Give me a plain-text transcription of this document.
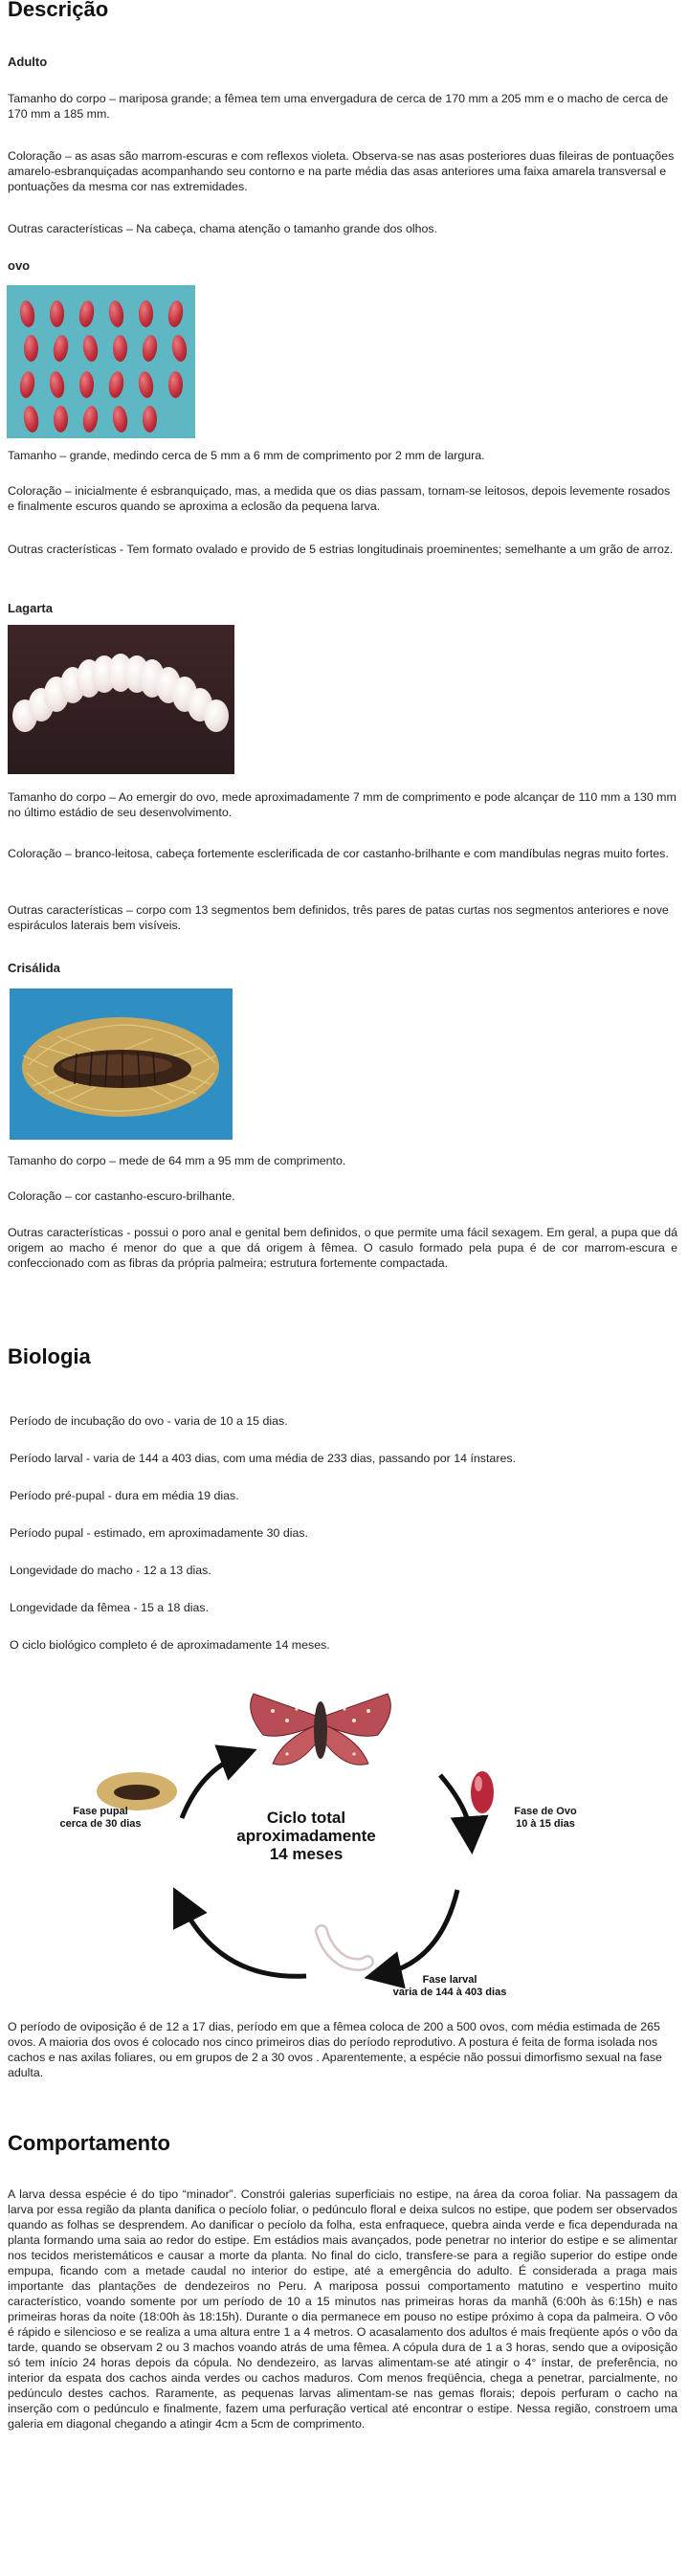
Descrição
Adulto

Tamanho do corpo – mariposa grande; a fêmea tem uma envergadura de cerca de 170 mm a 205 mm e o macho de cerca de 170 mm a 185 mm.

Coloração – as asas são marrom-escuras e com reflexos violeta. Observa-se nas asas posteriores duas fileiras de pontuações amarelo-esbranquiçadas acompanhando seu contorno e na parte média das asas anteriores uma faixa amarela transversal e pontuações da mesma cor nas extremidades.

Outras características – Na cabeça, chama atenção o tamanho grande dos olhos.

ovo

Tamanho – grande, medindo cerca de 5 mm a 6 mm de comprimento por 2 mm de largura.

Coloração – inicialmente é esbranquiçado, mas, a medida que os dias passam, tornam-se leitosos, depois levemente rosados e finalmente escuros quando se aproxima a eclosão da pequena larva.

Outras cracterísticas - Tem formato ovalado e provido de 5 estrias longitudinais proeminentes; semelhante a um grão de arroz.

Lagarta

Tamanho do corpo – Ao emergir do ovo, mede aproximadamente 7 mm de comprimento e pode alcançar de 110 mm a 130 mm no último estádio de seu desenvolvimento.

Coloração – branco-leitosa, cabeça fortemente esclerificada de cor castanho-brilhante e com mandíbulas negras muito fortes.

Outras características – corpo com 13 segmentos bem definidos, três pares de patas curtas nos segmentos anteriores e nove espiráculos laterais bem visíveis.

Crisálida

Tamanho do corpo – mede de 64 mm a 95 mm de comprimento.

Coloração – cor castanho-escuro-brilhante.

Outras características - possui o poro anal e genital bem definidos, o que permite uma fácil sexagem. Em geral, a pupa que dá origem ao macho é menor do que a que dá origem à fêmea. O casulo formado pela pupa é de cor marrom-escura e confeccionado com as fibras da própria palmeira; estrutura fortemente compactada.

Biologia

Período de incubação do ovo - varia de 10 a 15 dias.

Período larval - varia de 144 a 403 dias, com uma média de 233 dias, passando por 14 ínstares.

Período pré-pupal - dura em média 19 dias.

Período pupal - estimado, em aproximadamente 30 dias.

Longevidade do macho - 12 a 13 dias.

Longevidade da fêmea - 15 a 18 dias.

O ciclo biológico completo é de aproximadamente 14 meses.

Ciclo total
aproximadamente
14 meses
Fase pupal
cerca de 30 dias
Fase de Ovo
10 à 15 dias
Fase larval
varia de 144 à 403 dias

O período de oviposição é de 12 a 17 dias, período em que a fêmea coloca de 200 a 500 ovos, com média estimada de 265 ovos. A maioria dos ovos é colocado nos cinco primeiros dias do período reprodutivo. A postura é feita de forma isolada nos cachos e nas axilas foliares, ou em grupos de 2 a 30 ovos . Aparentemente, a espécie não possui dimorfismo sexual na fase adulta.

Comportamento

A larva dessa espécie é do tipo “minador”. Constrói galerias superficiais no estipe, na área da coroa foliar. Na passagem da larva por essa região da planta danifica o pecíolo foliar, o pedúnculo floral e deixa sulcos no estipe, que podem ser observados quando as folhas se desprendem. Ao danificar o pecíolo da folha, esta enfraquece, quebra ainda verde e fica dependurada na planta formando uma saia ao redor do estipe. Em estádios mais avançados, pode penetrar no interior do estipe e se alimentar nos tecidos meristemáticos e causar a morte da planta. No final do ciclo, transfere-se para a região superior do estipe onde empupa, ficando com a metade caudal no interior do estipe, até a emergência do adulto. É considerada a praga mais importante das plantações de dendezeiros no Peru. A mariposa possui comportamento matutino e vespertino muito característico, voando somente por um período de 10 a 15 minutos nas primeiras horas da manhã (6:00h às 6:15h) e nas primeiras horas da noite (18:00h às 18:15h). Durante o dia permanece em pouso no estipe próximo à copa da palmeira. O vôo é rápido e silencioso e se realiza a uma altura entre 1 a 4 metros. O acasalamento dos adultos é mais freqüente após o vôo da tarde, quando se observam 2 ou 3 machos voando atrás de uma fêmea. A cópula dura de 1 a 3 horas, sendo que a oviposição só tem início 24 horas depois da cópula. No dendezeiro, as larvas alimentam-se até atingir o 4° ínstar, de preferência, no interior da espata dos cachos ainda verdes ou cachos maduros. Com menos freqüência, chega a penetrar, parcialmente, no pedúnculo destes cachos. Raramente, as pequenas larvas alimentam-se nas gemas florais; depois perfuram o cacho na inserção com o pedúnculo e finalmente, fazem uma perfuração vertical até encontrar o estipe. Nessa região, constroem uma galeria em diagonal chegando a atingir 4cm a 5cm de comprimento.
